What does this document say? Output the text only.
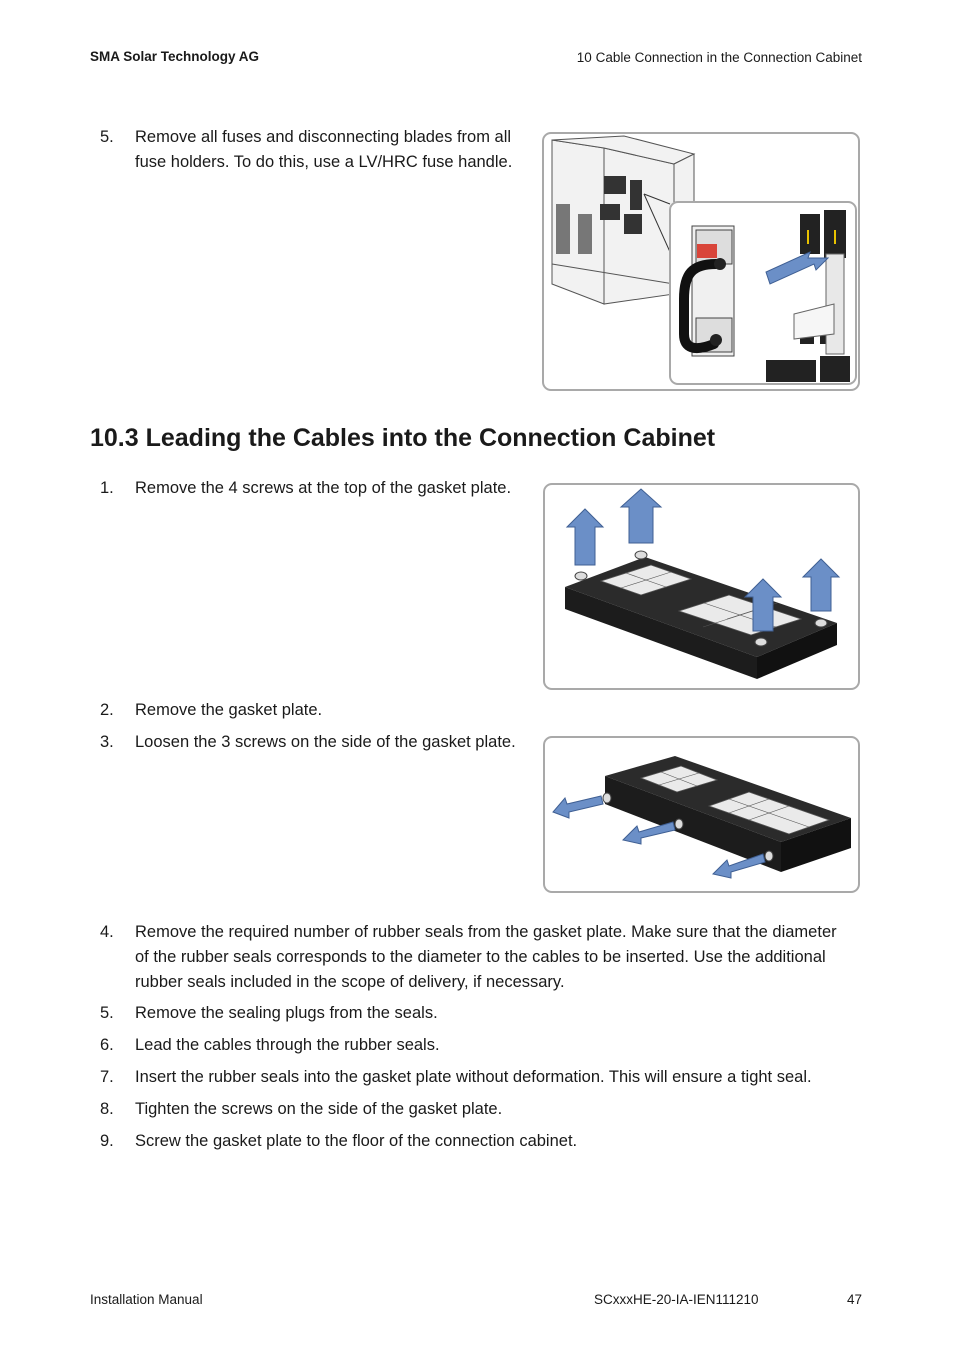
SMA Solar Technology AG	10 Cable Connection in the Connection Cabinet
5.	Remove all fuses and disconnecting blades from all
fuse holders. To do this, use a LV/HRC fuse handle.
10.3 Leading the Cables into the Connection Cabinet
1.	Remove the 4 screws at the top of the gasket plate.
2.	Remove the gasket plate.
3.	Loosen the 3 screws on the side of the gasket plate.
4.	Remove the required number of rubber seals from the gasket plate. Make sure that the diameter
of the rubber seals corresponds to the diameter to the cables to be inserted. Use the additional
rubber seals included in the scope of delivery, if necessary.
5.	Remove the sealing plugs from the seals.
6.	Lead the cables through the rubber seals.
7.	Insert the rubber seals into the gasket plate without deformation. This will ensure a tight seal.
8.	Tighten the screws on the side of the gasket plate.
9.	Screw the gasket plate to the floor of the connection cabinet.
Installation Manual	SCxxxHE-20-IA-IEN111210	47
